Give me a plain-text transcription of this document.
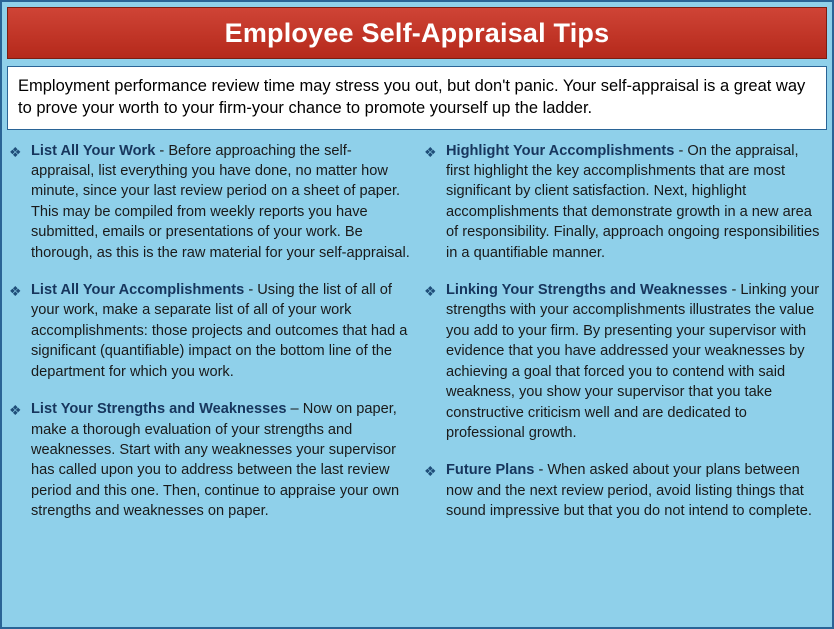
Employee Self-Appraisal Tips
Employment performance review time may stress you out, but don't panic. Your self-appraisal is a great way to prove your worth to your firm-your chance to promote yourself up the ladder.
❖ List All Your Work - Before approaching the self-appraisal, list everything you have done, no matter how minute, since your last review period on a sheet of paper. This may be compiled from weekly reports you have submitted, emails or presentations of your work. Be thorough, as this is the raw material for your self-appraisal.
❖ List All Your Accomplishments - Using the list of all of your work, make a separate list of all of your work accomplishments: those projects and outcomes that had a significant (quantifiable) impact on the bottom line of the department for which you work.
❖ List Your Strengths and Weaknesses – Now on paper, make a thorough evaluation of your strengths and weaknesses. Start with any weaknesses your supervisor has called upon you to address between the last review period and this one. Then, continue to appraise your own strengths and weaknesses on paper.
❖ Highlight Your Accomplishments - On the appraisal, first highlight the key accomplishments that are most significant by client satisfaction. Next, highlight accomplishments that demonstrate growth in a new area of responsibility. Finally, approach ongoing responsibilities in a quantifiable manner.
❖ Linking Your Strengths and Weaknesses - Linking your strengths with your accomplishments illustrates the value you add to your firm. By presenting your supervisor with evidence that you have addressed your weaknesses by achieving a goal that forced you to contend with said weakness, you show your supervisor that you take constructive criticism well and are dedicated to professional growth.
❖ Future Plans - When asked about your plans between now and the next review period, avoid listing things that sound impressive but that you do not intend to complete.
